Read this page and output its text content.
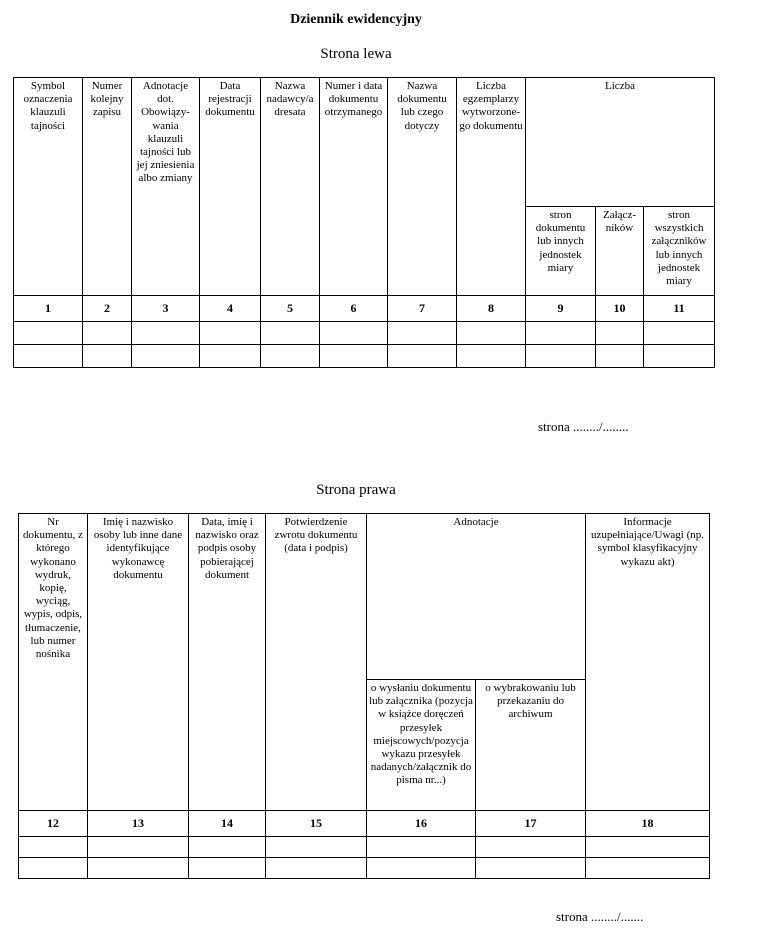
Dziennik ewidencyjny
Strona lewa
Symbol oznaczenia klauzuli tajności	Numer kolejny zapisu	Adnotacje dot. Obowiązy-wania klauzuli tajności lub jej zniesienia albo zmiany	Data rejestracji dokumentu	Nazwa nadawcy/a dresata	Numer i data dokumentu otrzymanego	Nazwa dokumentu lub czego dotyczy	Liczba egzemplarzy wytworzone-go dokumentu	Liczba		
								stron dokumentu lub innych jednostek miary	Załącz-ników	stron wszystkich załączników lub innych jednostek miary
1	2	3	4	5	6	7	8	9	10	11

strona ......../........
Strona prawa
Nr dokumentu, z którego wykonano wydruk, kopię, wyciąg, wypis, odpis, tłumaczenie, lub numer nośnika	Imię i nazwisko osoby lub inne dane identyfikujące wykonawcę dokumentu	Data, imię i nazwisko oraz podpis osoby pobierającej dokument	Potwierdzenie zwrotu dokumentu (data i podpis)	Adnotacje		Informacje uzupełniające/Uwagi (np. symbol klasyfikacyjny wykazu akt)
				o wysłaniu dokumentu lub załącznika (pozycja w książce doręczeń przesyłek miejscowych/pozycja wykazu przesyłek nadanych/załącznik do pisma nr...)	o wybrakowaniu lub przekazaniu do archiwum	
12	13	14	15	16	17	18

strona ......../.......
